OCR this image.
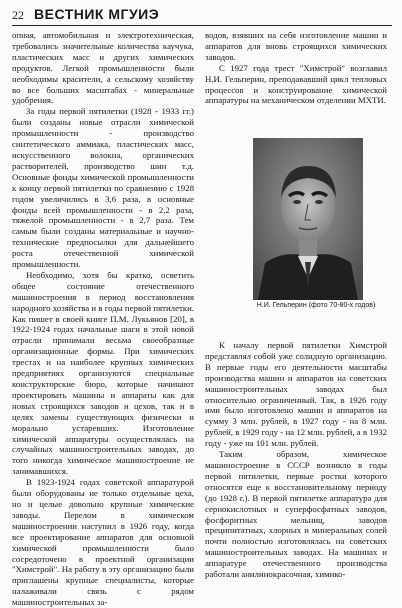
22 ВЕСТНИК МГУИЭ

опная, автомобильная и электротехническая, требовались значительные количества каучука, пластических масс и других химических продуктов. Легкой промышленности были необходимы красители, а сельскому хозяйству во все больших масштабах - минеральные удобрения.

За годы первой пятилетки (1928 - 1933 гг.) были созданы новые отрасли химической промышленности - производство синтетического аммиака, пластических масс, искусственного волокна, органических растворителей, производство шин т.д. Основные фонды химической промышленности к концу первой пятилетки по сравнению с 1928 годом увеличились в 3,6 раза, в основные фонды всей промышленности - в 2,2 раза, тяжелой промышленности - в 2,7 раза. Тем самым были созданы материальные и научно-технические предпосылки для дальнейшего роста отечественной химической промышленности.

Необходимо, хотя бы кратко, осветить общее состояние отечественного машиностроения в период восстановления народного хозяйства и в годы первой пятилетки. Как пишет в своей книге П.М. Лукьянов [20], в 1922-1924 годах начальные шаги в этой новой отрасли принимали весьма своеобразные организационные формы. При химических трестах и на наиболее крупных химических предприятиях организуются специальные конструкторские бюро, которые начинают проектировать машины и аппараты как для новых строящихся заводов и цехов, так и в целях замены существующих физически и морально устаревших. Изготовление химической аппаратуры осуществлялась на случайных машиностроительных заводах, до того никогда химическое машиностроение не занимавшихся.

В 1923-1924 годах советской аппаратурой были оборудованы не только отдельные цеха, но и целые довольно крупные химические заводы. Перелом в химическом машиностроении наступил в 1926 году, когда все проектирование аппаратов для основной химической промышленности было сосредоточено в проектной организации "Химстрой". На работу в эту организацию были приглашены крупные специалисты, которые налаживали связь с рядом машиностроительных за-

водов, взявших на себя изготовление машин и аппаратов для вновь строящихся химических заводов.

С 1927 года трест "Химстрой" возглавил Н.И. Гельперин, преподававший цикл тепловых процессов и конструирование химической аппаратуры на механическом отделении МХТИ.

Н.И. Гельперин (фото 70-80-х годов)

К началу первой пятилетки Химстрой представлял собой уже солидную организацию. В первые годы его деятельности масштабы производства машин и аппаратов на советских машиностроительных заводах был относительно ограниченный. Так, в 1926 году ими было изготовлено машин и аппаратов на сумму 3 млн. рублей, в 1927 году - на 8 млн. рублей, в 1929 году - на 12 млн. рублей, а в 1932 году - уже на 101 млн. рублей.

Таким образом, химическое машиностроение в СССР возникло в годы первой пятилетки, первые ростки которого относятся еще к восстановительному периоду (до 1928 г.). В первой пятилетке аппаратура для сернокислотных и суперфосфатных заводов, фосфоритных мельниц, заводов преципитатных, хлорных и минеральных солей почти полностью изготовлялась на советских машиностроительных заводах. На машинах и аппаратуре отечественного производства работали анилинокрасочная, химико-
